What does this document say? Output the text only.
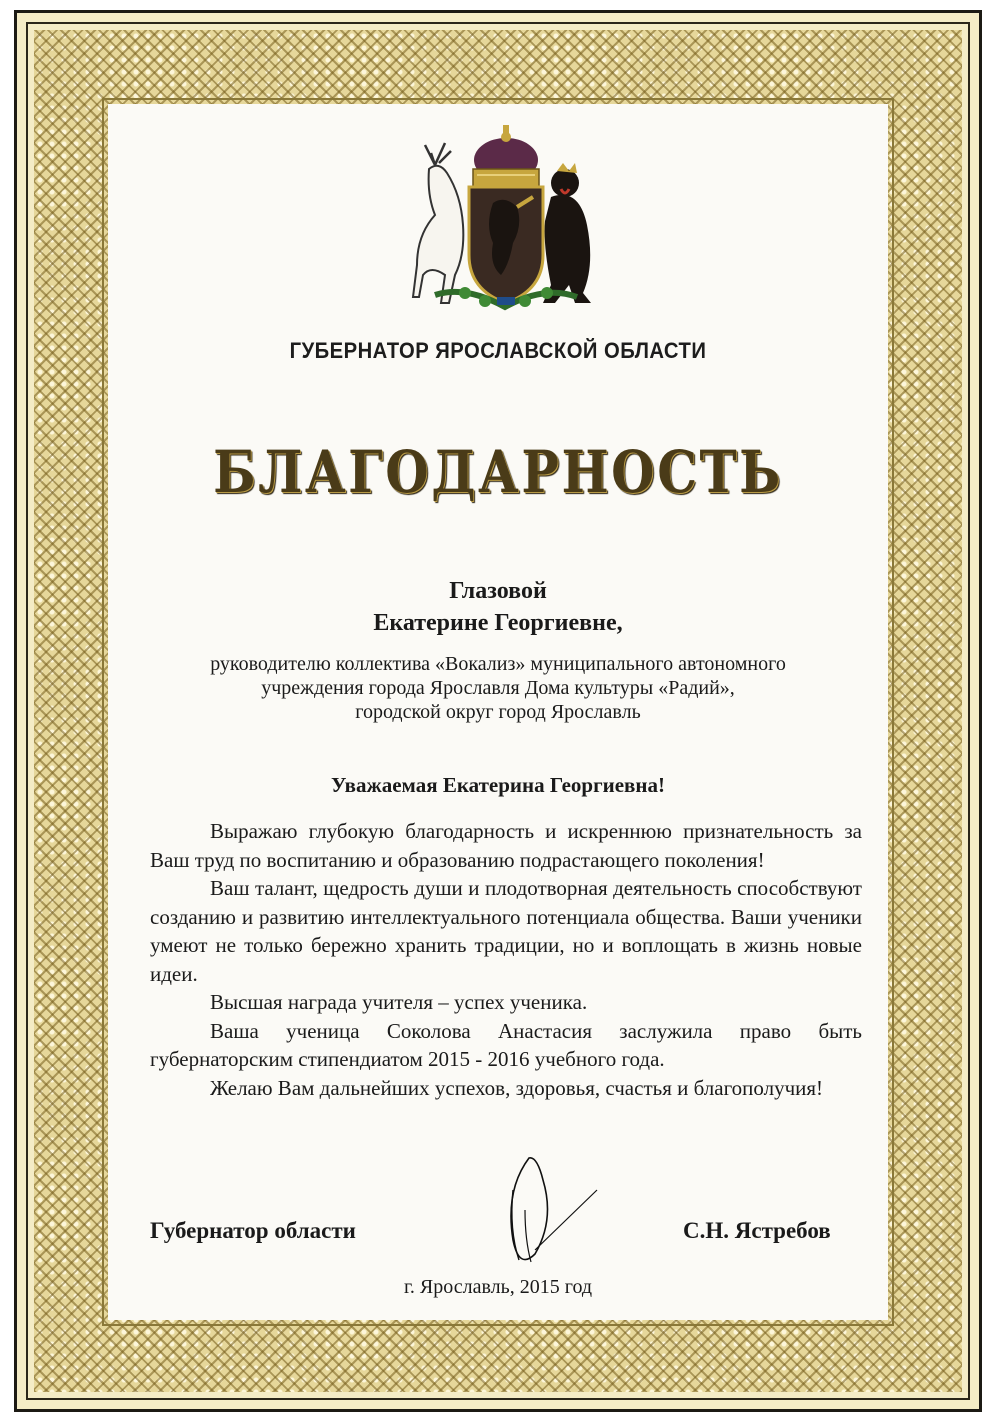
ГУБЕРНАТОР ЯРОСЛАВСКОЙ ОБЛАСТИ
БЛАГОДАРНОСТЬ
Глазовой
Екатерине Георгиевне,
руководителю коллектива «Вокализ» муниципального автономного
учреждения города Ярославля Дома культуры «Радий»,
городской округ город Ярославль
Уважаемая Екатерина Георгиевна!

Выражаю глубокую благодарность и искреннюю признательность за Ваш труд по воспитанию и образованию подрастающего поколения!

Ваш талант, щедрость души и плодотворная деятельность способствуют созданию и развитию интеллектуального потенциала общества. Ваши ученики умеют не только бережно хранить традиции, но и воплощать в жизнь новые идеи.

Высшая награда учителя – успех ученика.

Ваша ученица Соколова Анастасия заслужила право быть губернаторским стипендиатом 2015 - 2016 учебного года.

Желаю Вам дальнейших успехов, здоровья, счастья и благополучия!

Губернатор области	С.Н. Ястребов
г. Ярославль, 2015 год
